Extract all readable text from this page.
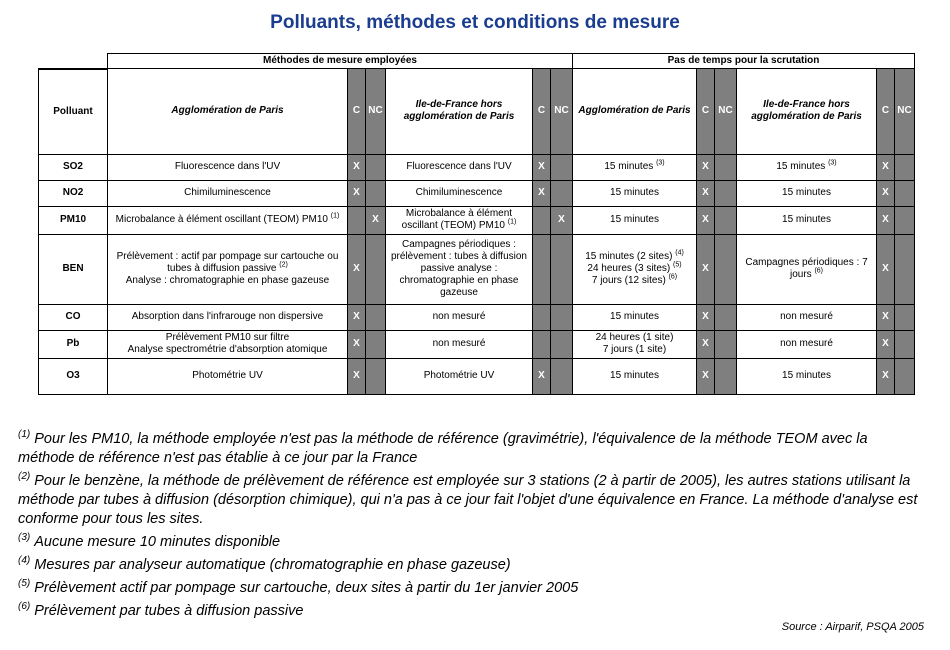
Polluants, méthodes et conditions de mesure
	Méthodes de mesure employées						Pas de temps pour la scrutation					
Polluant	Agglomération de Paris	C	NC	Ile-de-France hors agglomération de Paris	C	NC	Agglomération de Paris	C	NC	Ile-de-France hors agglomération de Paris	C	NC
SO2	Fluorescence dans l'UV	X		Fluorescence dans l'UV	X		15 minutes $^{(3)}$	X		15 minutes $^{(3)}$	X	
NO2	Chimiluminescence	X		Chimiluminescence	X		15 minutes	X		15 minutes	X	
PM10	Microbalance à élément oscillant (TEOM) PM10 $^{(1)}$		X	Microbalance à élément oscillant (TEOM) PM10 $^{(1)}$		X	15 minutes	X		15 minutes	X	
BEN	Prélèvement : actif par pompage sur cartouche ou tubes à diffusion passive $^{(2)}$
Analyse : chromatographie en phase gazeuse	X		Campagnes périodiques : prélèvement : tubes à diffusion passive analyse : chromatographie en phase gazeuse			15 minutes (2 sites) $^{(4)}$
24 heures (3 sites) $^{(5)}$
7 jours (12 sites) $^{(6)}$	X		Campagnes périodiques : 7 jours $^{(6)}$	X	
CO	Absorption dans l'infrarouge non dispersive	X		non mesuré			15 minutes	X		non mesuré	X	
Pb	Prélèvement PM10 sur filtre
Analyse spectrométrie d'absorption atomique	X		non mesuré			24 heures (1 site)
7 jours (1 site)	X		non mesuré	X	
O3	Photométrie UV	X		Photométrie UV	X		15 minutes	X		15 minutes	X	

$^{(1)}$ Pour les PM10, la méthode employée n'est pas la méthode de référence (gravimétrie), l'équivalence de la méthode TEOM avec la méthode de référence n'est pas établie à ce jour par la France

$^{(2)}$ Pour le benzène, la méthode de prélèvement de référence est employée sur 3 stations (2 à partir de 2005), les autres stations utilisant la méthode par tubes à diffusion (désorption chimique), qui n'a pas à ce jour fait l'objet d'une équivalence en France. La méthode d'analyse est conforme pour tous les sites.

$^{(3)}$ Aucune mesure 10 minutes disponible

$^{(4)}$ Mesures par analyseur automatique (chromatographie en phase gazeuse)

$^{(5)}$ Prélèvement actif par pompage sur cartouche, deux sites à partir du 1er janvier 2005

$^{(6)}$ Prélèvement par tubes à diffusion passive

Source : Airparif, PSQA 2005
